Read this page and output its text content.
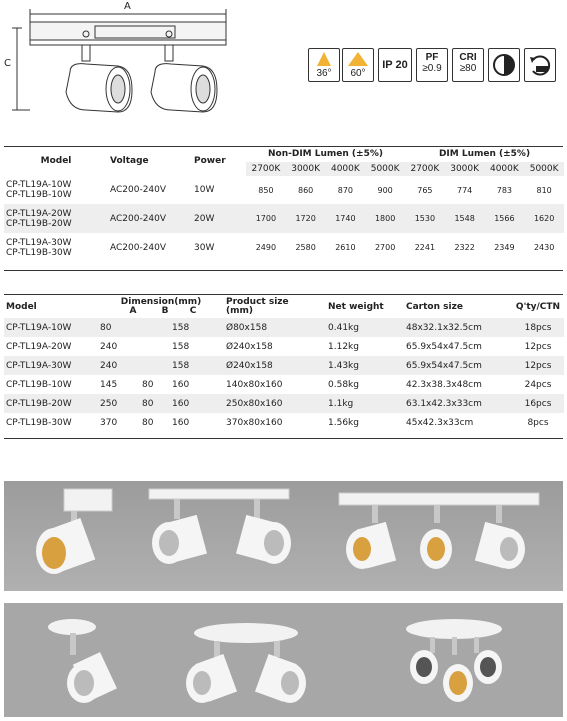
A
C
36°	60°
IP 20
PF
≥0.9
CRI
≥80
Model	Voltage	Power	Non-DIM Lumen (±5%)				DIM Lumen (±5%)			
			2700K	3000K	4000K	5000K	2700K	3000K	4000K	5000K
CP-TL19A-10W
CP-TL19B-10W	AC200-240V	10W	850	860	870	900	765	774	783	810
CP-TL19A-20W
CP-TL19B-20W	AC200-240V	20W	1700	1720	1740	1800	1530	1548	1566	1620
CP-TL19A-30W
CP-TL19B-30W	AC200-240V	30W	2490	2580	2610	2700	2241	2322	2349	2430
Model	Dimension(mm)
A B C			Product size
(mm)	Net weight	Carton size	Q'ty/CTN
CP-TL19A-10W	80		158	Ø80x158	0.41kg	48x32.1x32.5cm	18pcs
CP-TL19A-20W	240		158	Ø240x158	1.12kg	65.9x54x47.5cm	12pcs
CP-TL19A-30W	240		158	Ø240x158	1.43kg	65.9x54x47.5cm	12pcs
CP-TL19B-10W	145	80	160	140x80x160	0.58kg	42.3x38.3x48cm	24pcs
CP-TL19B-20W	250	80	160	250x80x160	1.1kg	63.1x42.3x33cm	16pcs
CP-TL19B-30W	370	80	160	370x80x160	1.56kg	45x42.3x33cm	8pcs
